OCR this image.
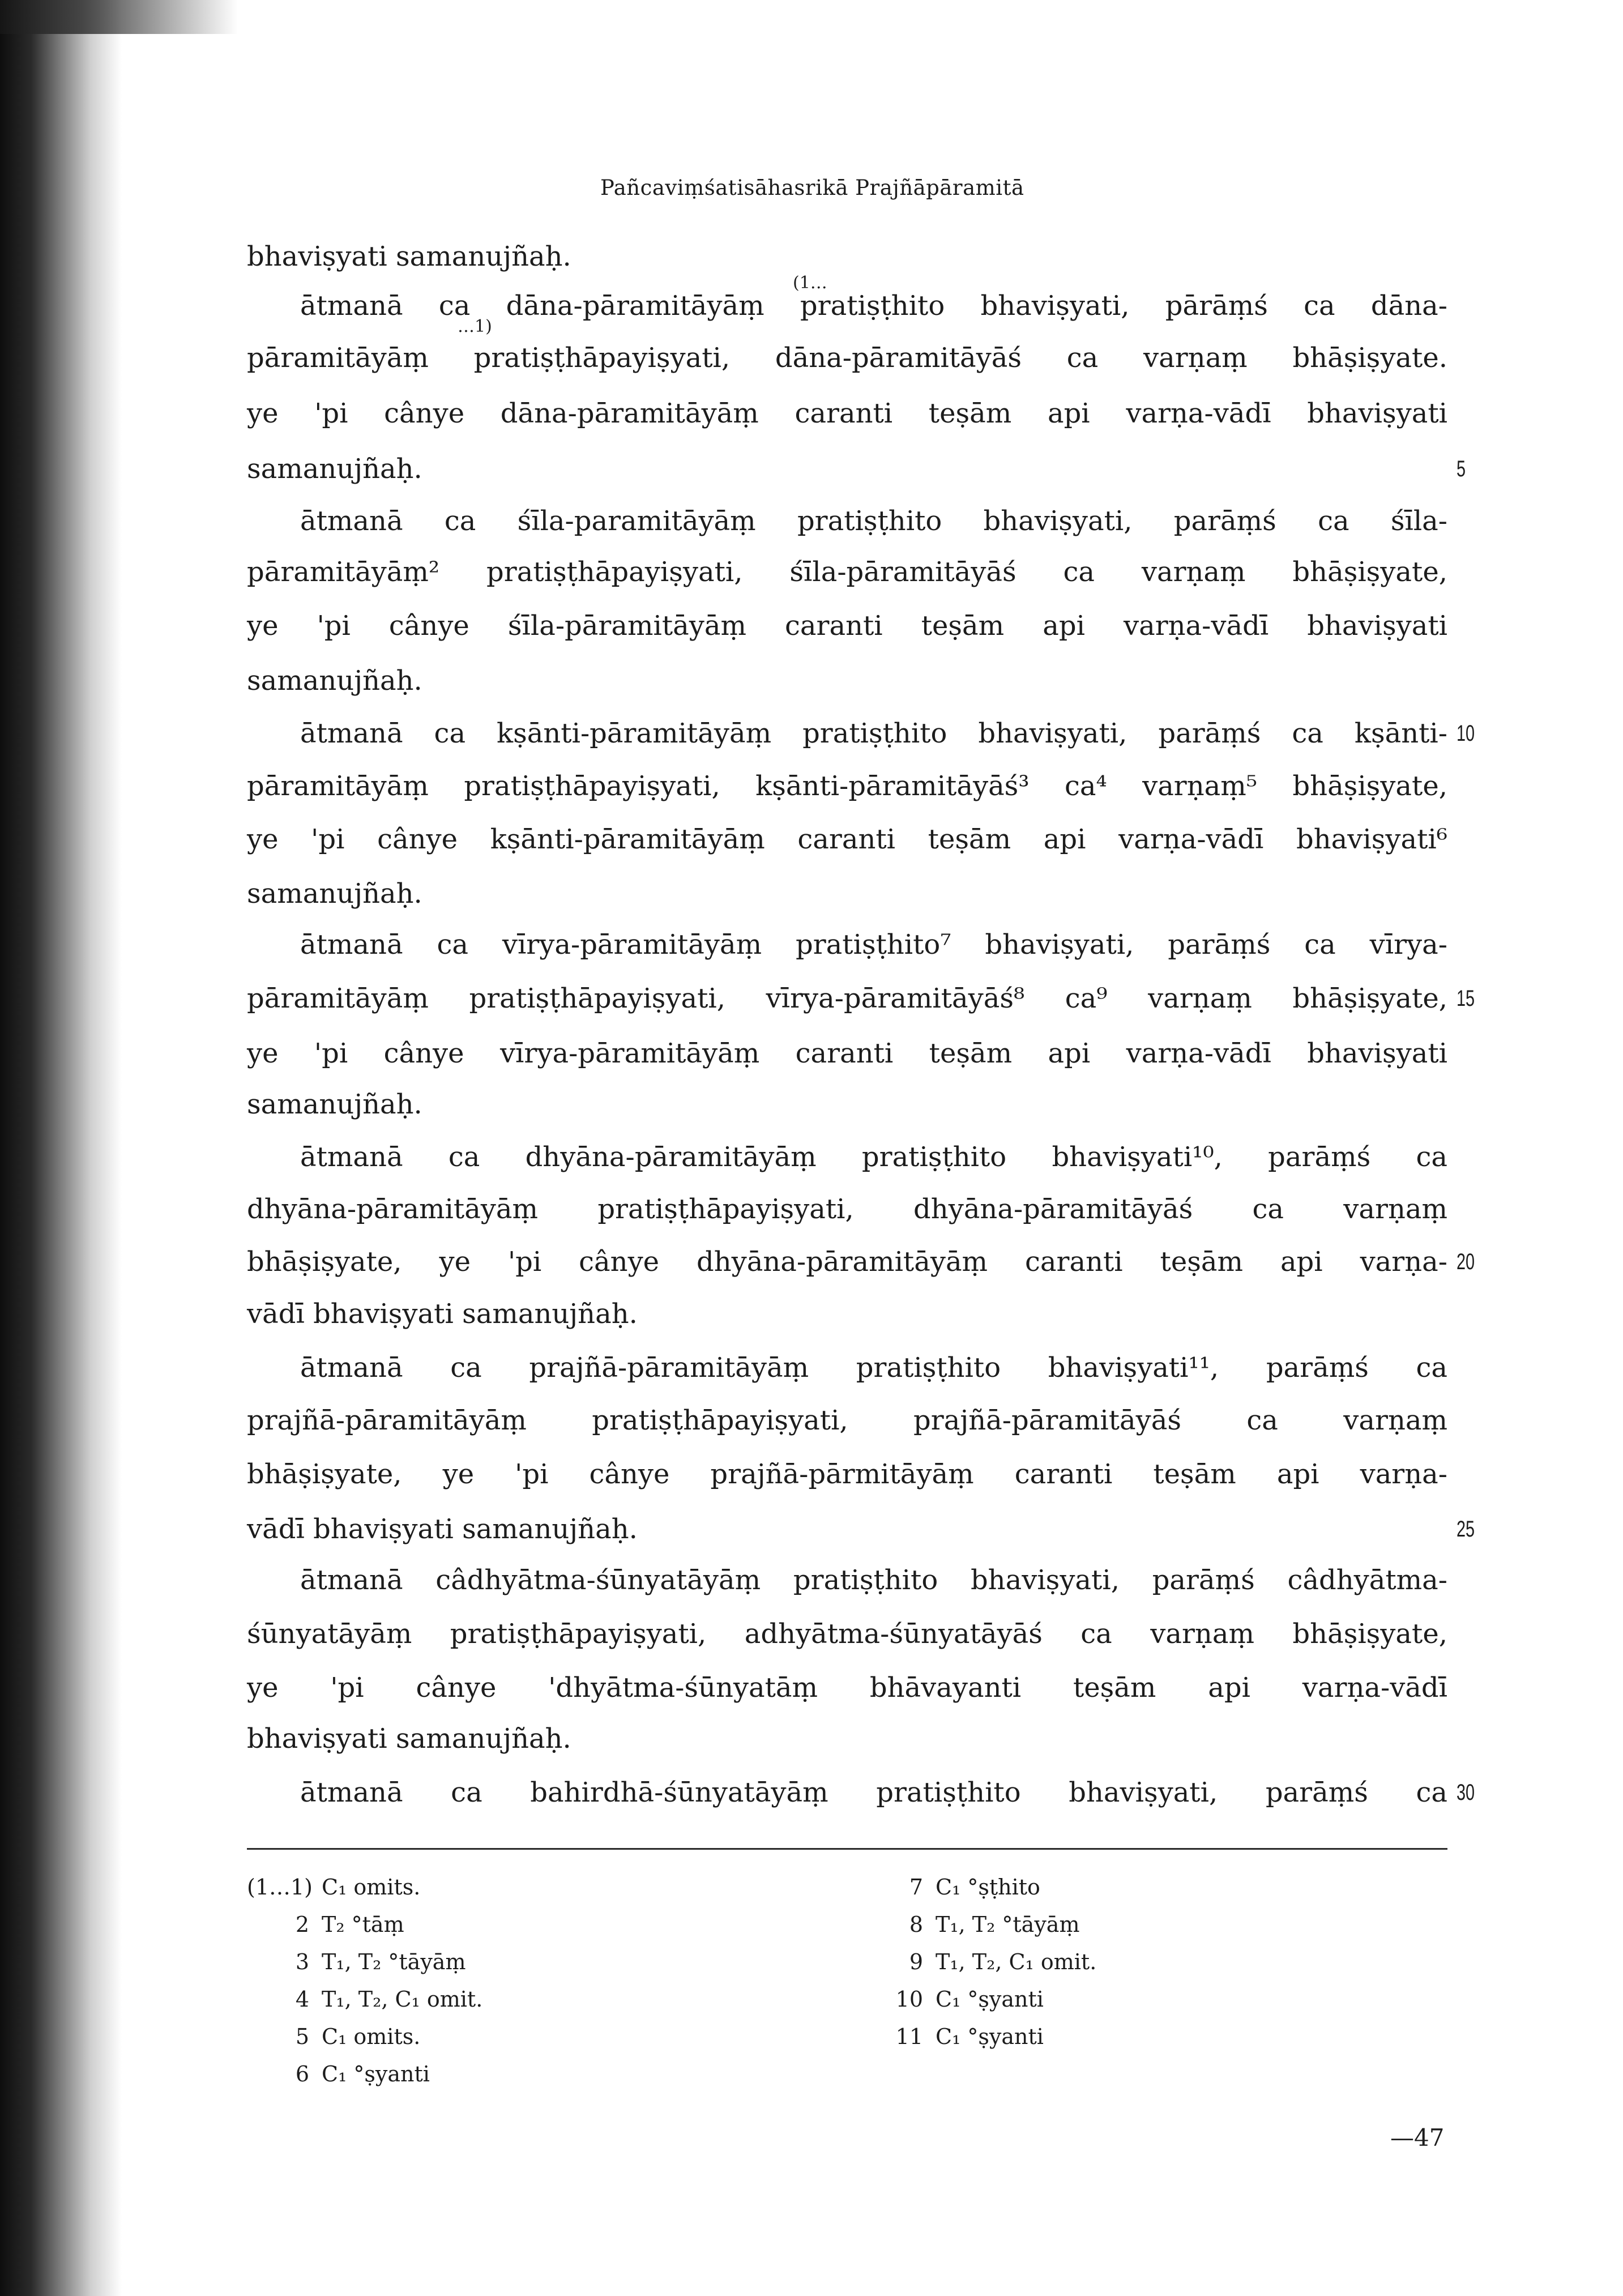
Pañcaviṃśatisāhasrikā Prajñāpāramitā
bhaviṣyati samanujñaḥ.
(1…
ātmanā ca dāna-pāramitāyāṃ pratiṣṭhito bhaviṣyati, pārāṃś ca dāna-
…1)
pāramitāyāṃ pratiṣṭhāpayiṣyati, dāna-pāramitāyāś ca varṇaṃ bhāṣiṣyate.
ye 'pi cânye dāna-pāramitāyāṃ caranti teṣām api varṇa-vādī bhaviṣyati
samanujñaḥ.	5
ātmanā ca śīla-paramitāyāṃ pratiṣṭhito bhaviṣyati, parāṃś ca śīla-
pāramitāyāṃ² pratiṣṭhāpayiṣyati, śīla-pāramitāyāś ca varṇaṃ bhāṣiṣyate,
ye 'pi cânye śīla-pāramitāyāṃ caranti teṣām api varṇa-vādī bhaviṣyati
samanujñaḥ.
ātmanā ca kṣānti-pāramitāyāṃ pratiṣṭhito bhaviṣyati, parāṃś ca kṣānti- 10
pāramitāyāṃ pratiṣṭhāpayiṣyati, kṣānti-pāramitāyāś³ ca⁴ varṇaṃ⁵ bhāṣiṣyate,
ye 'pi cânye kṣānti-pāramitāyāṃ caranti teṣām api varṇa-vādī bhaviṣyati⁶
samanujñaḥ.
ātmanā ca vīrya-pāramitāyāṃ pratiṣṭhito⁷ bhaviṣyati, parāṃś ca vīrya-
pāramitāyāṃ pratiṣṭhāpayiṣyati, vīrya-pāramitāyāś⁸ ca⁹ varṇaṃ bhāṣiṣyate, 15
ye 'pi cânye vīrya-pāramitāyāṃ caranti teṣām api varṇa-vādī bhaviṣyati
samanujñaḥ.
ātmanā ca dhyāna-pāramitāyāṃ pratiṣṭhito bhaviṣyati¹⁰, parāṃś ca
dhyāna-pāramitāyāṃ pratiṣṭhāpayiṣyati, dhyāna-pāramitāyāś ca varṇaṃ
bhāṣiṣyate, ye 'pi cânye dhyāna-pāramitāyāṃ caranti teṣām api varṇa- 20
vādī bhaviṣyati samanujñaḥ.
ātmanā ca prajñā-pāramitāyāṃ pratiṣṭhito bhaviṣyati¹¹, parāṃś ca
prajñā-pāramitāyāṃ pratiṣṭhāpayiṣyati, prajñā-pāramitāyāś ca varṇaṃ
bhāṣiṣyate, ye 'pi cânye prajñā-pārmitāyāṃ caranti teṣām api varṇa-
vādī bhaviṣyati samanujñaḥ.	25
ātmanā câdhyātma-śūnyatāyāṃ pratiṣṭhito bhaviṣyati, parāṃś câdhyātma-
śūnyatāyāṃ pratiṣṭhāpayiṣyati, adhyātma-śūnyatāyāś ca varṇaṃ bhāṣiṣyate,
ye 'pi cânye 'dhyātma-śūnyatāṃ bhāvayanti teṣām api varṇa-vādī
bhaviṣyati samanujñaḥ.
ātmanā ca bahirdhā-śūnyatāyāṃ pratiṣṭhito bhaviṣyati, parāṃś ca 30
(1…1) C₁ omits.
2 T₂ °tāṃ
3 T₁, T₂ °tāyāṃ
4 T₁, T₂, C₁ omit.
5 C₁ omits.
6 C₁ °ṣyanti
7 C₁ °ṣṭhito
8 T₁, T₂ °tāyāṃ
9 T₁, T₂, C₁ omit.
10 C₁ °ṣyanti
11 C₁ °ṣyanti
—47
